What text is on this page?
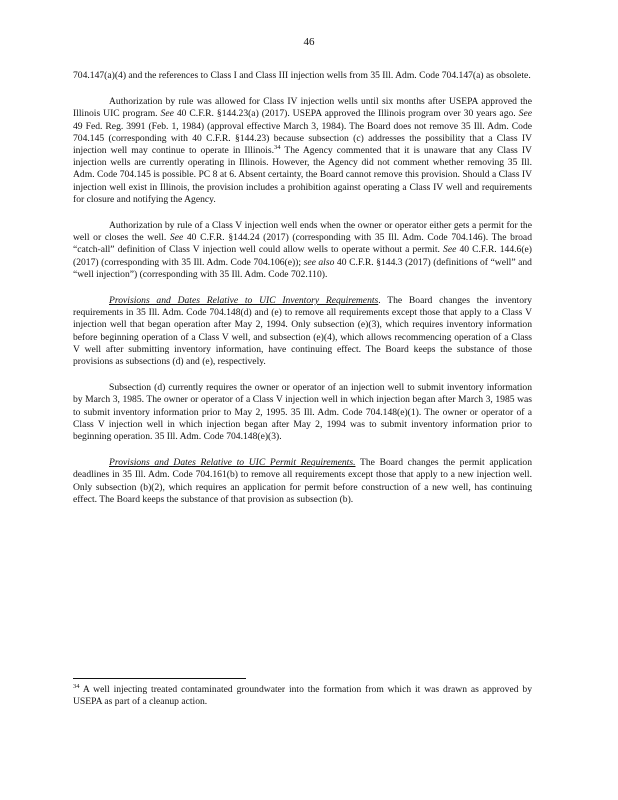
46

704.147(a)(4) and the references to Class I and Class III injection wells from 35 Ill. Adm. Code 704.147(a) as obsolete.

Authorization by rule was allowed for Class IV injection wells until six months after USEPA approved the Illinois UIC program. See 40 C.F.R. §144.23(a) (2017). USEPA approved the Illinois program over 30 years ago. See 49 Fed. Reg. 3991 (Feb. 1, 1984) (approval effective March 3, 1984). The Board does not remove 35 Ill. Adm. Code 704.145 (corresponding with 40 C.F.R. §144.23) because subsection (c) addresses the possibility that a Class IV injection well may continue to operate in Illinois.$^{34}$ The Agency commented that it is unaware that any Class IV injection wells are currently operating in Illinois. However, the Agency did not comment whether removing 35 Ill. Adm. Code 704.145 is possible. PC 8 at 6. Absent certainty, the Board cannot remove this provision. Should a Class IV injection well exist in Illinois, the provision includes a prohibition against operating a Class IV well and requirements for closure and notifying the Agency.

Authorization by rule of a Class V injection well ends when the owner or operator either gets a permit for the well or closes the well. See 40 C.F.R. §144.24 (2017) (corresponding with 35 Ill. Adm. Code 704.146). The broad “catch-all” definition of Class V injection well could allow wells to operate without a permit. See 40 C.F.R. 144.6(e) (2017) (corresponding with 35 Ill. Adm. Code 704.106(e)); see also 40 C.F.R. §144.3 (2017) (definitions of “well” and “well injection”) (corresponding with 35 Ill. Adm. Code 702.110).

Provisions and Dates Relative to UIC Inventory Requirements. The Board changes the inventory requirements in 35 Ill. Adm. Code 704.148(d) and (e) to remove all requirements except those that apply to a Class V injection well that began operation after May 2, 1994. Only subsection (e)(3), which requires inventory information before beginning operation of a Class V well, and subsection (e)(4), which allows recommencing operation of a Class V well after submitting inventory information, have continuing effect. The Board keeps the substance of those provisions as subsections (d) and (e), respectively.

Subsection (d) currently requires the owner or operator of an injection well to submit inventory information by March 3, 1985. The owner or operator of a Class V injection well in which injection began after March 3, 1985 was to submit inventory information prior to May 2, 1995. 35 Ill. Adm. Code 704.148(e)(1). The owner or operator of a Class V injection well in which injection began after May 2, 1994 was to submit inventory information prior to beginning operation. 35 Ill. Adm. Code 704.148(e)(3).

Provisions and Dates Relative to UIC Permit Requirements. The Board changes the permit application deadlines in 35 Ill. Adm. Code 704.161(b) to remove all requirements except those that apply to a new injection well. Only subsection (b)(2), which requires an application for permit before construction of a new well, has continuing effect. The Board keeps the substance of that provision as subsection (b).

$^{34}$ A well injecting treated contaminated groundwater into the formation from which it was drawn as approved by USEPA as part of a cleanup action.
